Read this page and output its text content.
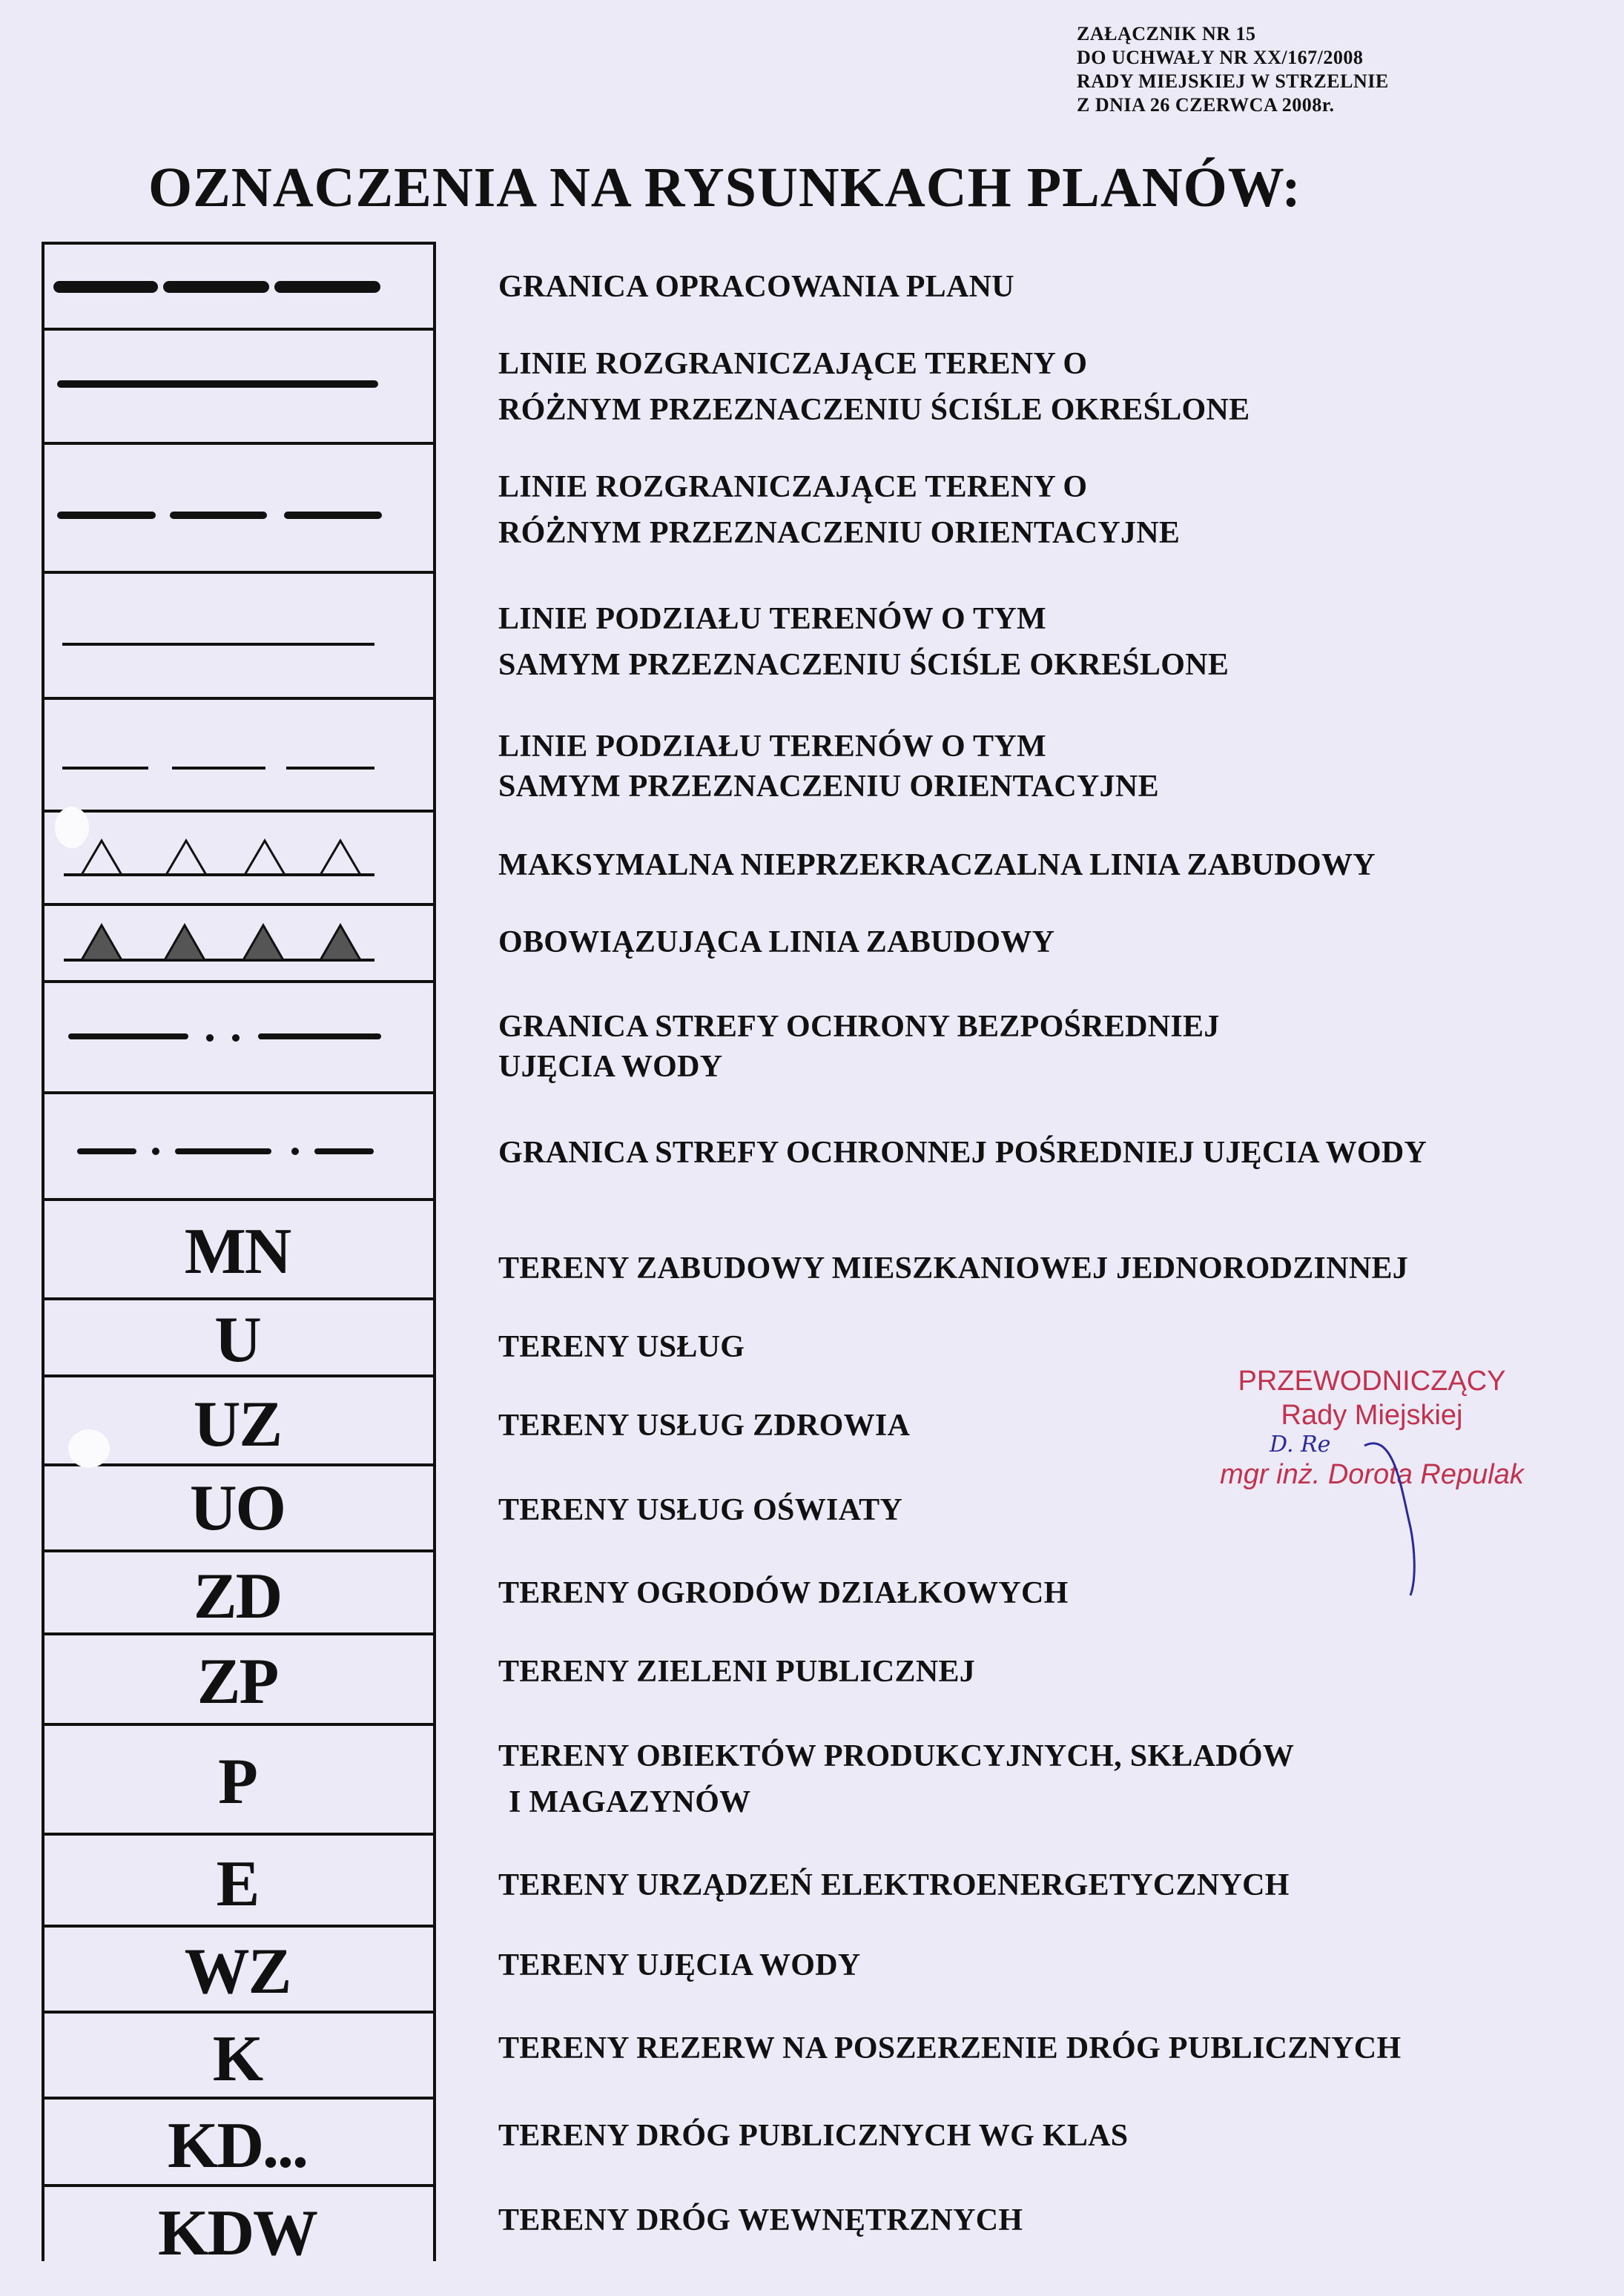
ZAŁĄCZNIK NR 15
DO UCHWAŁY NR XX/167/2008
RADY MIEJSKIEJ W STRZELNIE
Z DNIA 26 CZERWCA 2008r.
OZNACZENIA NA RYSUNKACH PLANÓW:
MN
U
UZ
UO
ZD
ZP
P
E
WZ
K
KD...
KDW
GRANICA OPRACOWANIA PLANU
LINIE ROZGRANICZAJĄCE TERENY O
RÓŻNYM PRZEZNACZENIU ŚCIŚLE OKREŚLONE
LINIE ROZGRANICZAJĄCE TERENY O
RÓŻNYM PRZEZNACZENIU ORIENTACYJNE
LINIE PODZIAŁU TERENÓW O TYM
SAMYM PRZEZNACZENIU ŚCIŚLE OKREŚLONE
LINIE PODZIAŁU TERENÓW O TYM
SAMYM PRZEZNACZENIU ORIENTACYJNE
MAKSYMALNA NIEPRZEKRACZALNA LINIA ZABUDOWY
OBOWIĄZUJĄCA LINIA ZABUDOWY
GRANICA STREFY OCHRONY BEZPOŚREDNIEJ
UJĘCIA WODY
GRANICA STREFY OCHRONNEJ POŚREDNIEJ UJĘCIA WODY
TERENY ZABUDOWY MIESZKANIOWEJ JEDNORODZINNEJ
TERENY USŁUG
TERENY USŁUG ZDROWIA
TERENY USŁUG OŚWIATY
TERENY OGRODÓW DZIAŁKOWYCH
TERENY ZIELENI PUBLICZNEJ
TERENY OBIEKTÓW PRODUKCYJNYCH, SKŁADÓW
I MAGAZYNÓW
TERENY URZĄDZEŃ ELEKTROENERGETYCZNYCH
TERENY UJĘCIA WODY
TERENY REZERW NA POSZERZENIE DRÓG PUBLICZNYCH
TERENY DRÓG PUBLICZNYCH WG KLAS
TERENY DRÓG WEWNĘTRZNYCH
PRZEWODNICZĄCY
Rady Miejskiej
D. Re
mgr inż. Dorota Repulak
